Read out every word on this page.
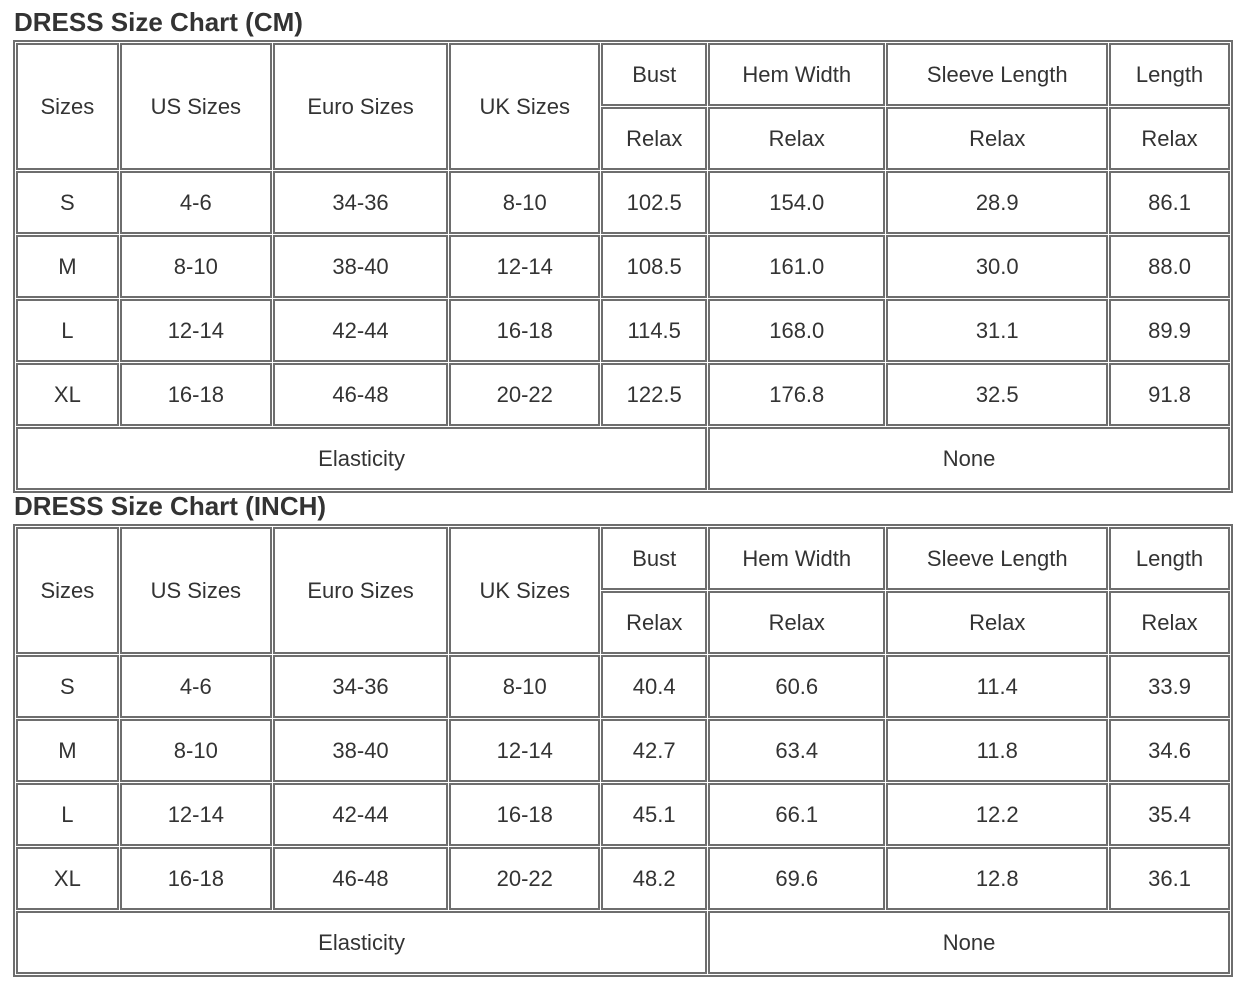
DRESS Size Chart (CM)
Sizes	US Sizes	Euro Sizes	UK Sizes	Bust	Hem Width	Sleeve Length	Length
				Relax	Relax	Relax	Relax
S	4-6	34-36	8-10	102.5	154.0	28.9	86.1
M	8-10	38-40	12-14	108.5	161.0	30.0	88.0
L	12-14	42-44	16-18	114.5	168.0	31.1	89.9
XL	16-18	46-48	20-22	122.5	176.8	32.5	91.8
Elasticity					None		
DRESS Size Chart (INCH)
Sizes	US Sizes	Euro Sizes	UK Sizes	Bust	Hem Width	Sleeve Length	Length
				Relax	Relax	Relax	Relax
S	4-6	34-36	8-10	40.4	60.6	11.4	33.9
M	8-10	38-40	12-14	42.7	63.4	11.8	34.6
L	12-14	42-44	16-18	45.1	66.1	12.2	35.4
XL	16-18	46-48	20-22	48.2	69.6	12.8	36.1
Elasticity					None		
